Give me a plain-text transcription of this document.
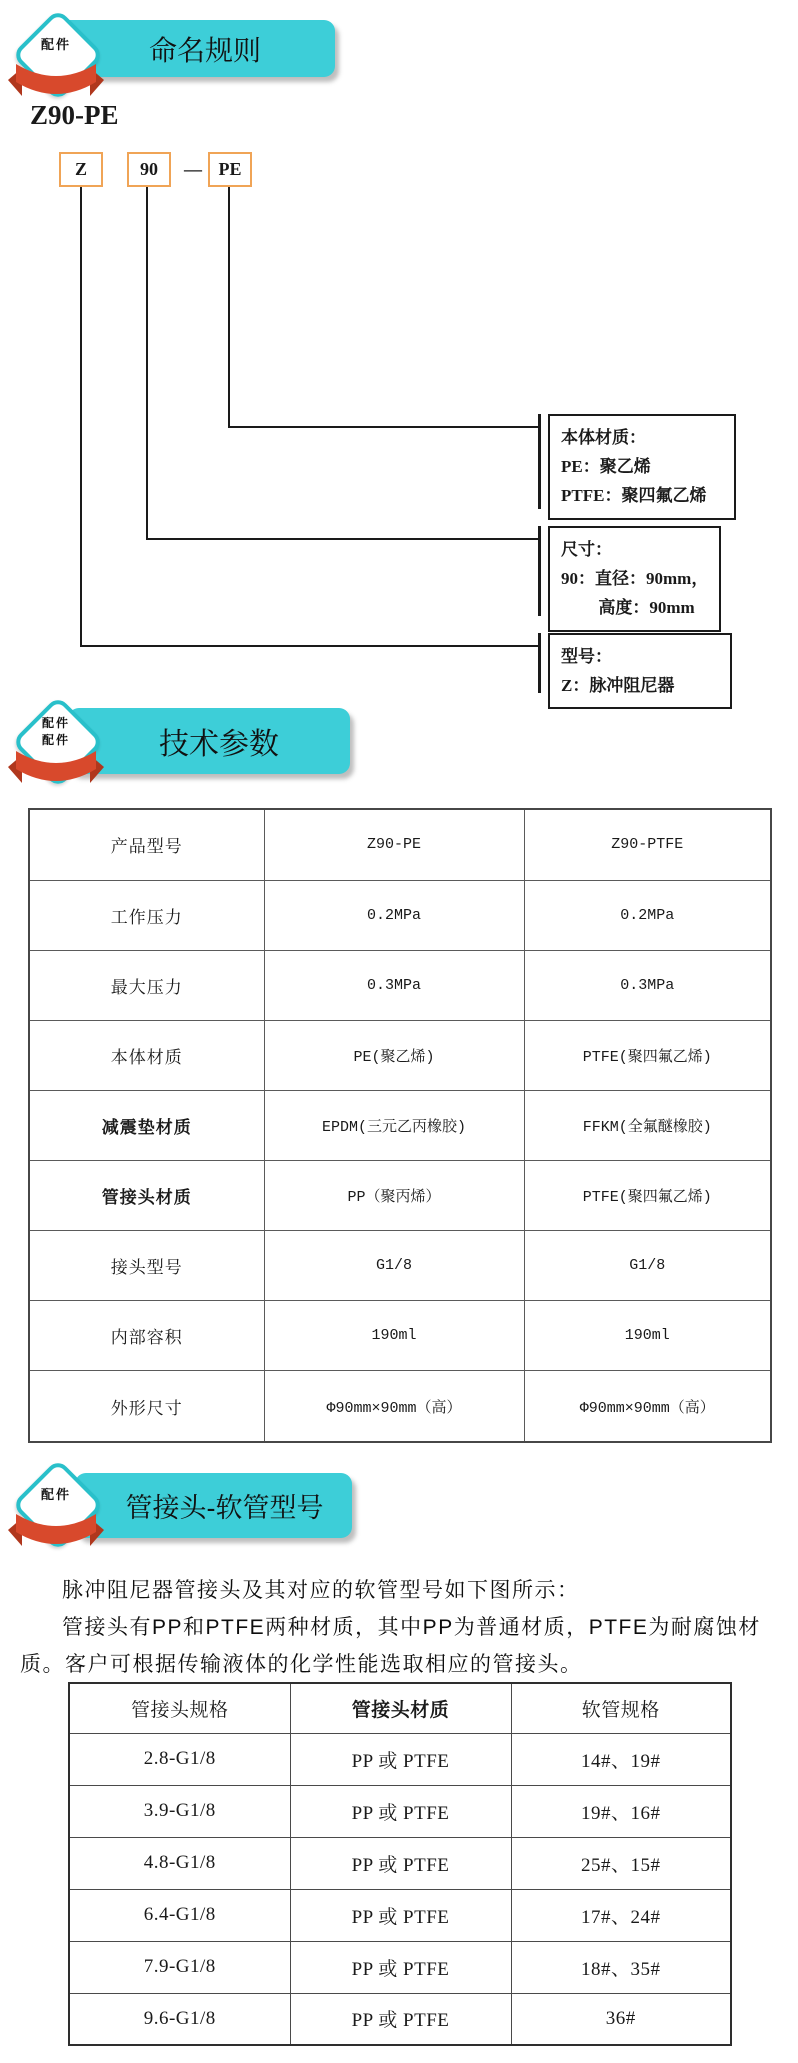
命名规则
配件
Z90-PE
Z	90	— PE
本体材质：
PE：聚乙烯
PTFE：聚四氟乙烯
尺寸：
90：直径：90mm，
高度：90mm
型号：
Z：脉冲阻尼器
技术参数
配件
配件
产品型号	Z90-PE	Z90-PTFE
工作压力	0.2MPa	0.2MPa
最大压力	0.3MPa	0.3MPa
本体材质	PE(聚乙烯)	PTFE(聚四氟乙烯)
减震垫材质	EPDM(三元乙丙橡胶)	FFKM(全氟醚橡胶)
管接头材质	PP（聚丙烯）	PTFE(聚四氟乙烯)
接头型号	G1/8	G1/8
内部容积	190ml	190ml
外形尺寸	Φ90mm×90mm（高）	Φ90mm×90mm（高）
管接头-软管型号
配件

脉冲阻尼器管接头及其对应的软管型号如下图所示：

管接头有PP和PTFE两种材质，其中PP为普通材质，PTFE为耐腐蚀材质。客户可根据传输液体的化学性能选取相应的管接头。

管接头规格	管接头材质	软管规格
2.8-G1/8	PP 或 PTFE	14#、19#
3.9-G1/8	PP 或 PTFE	19#、16#
4.8-G1/8	PP 或 PTFE	25#、15#
6.4-G1/8	PP 或 PTFE	17#、24#
7.9-G1/8	PP 或 PTFE	18#、35#
9.6-G1/8	PP 或 PTFE	36#
